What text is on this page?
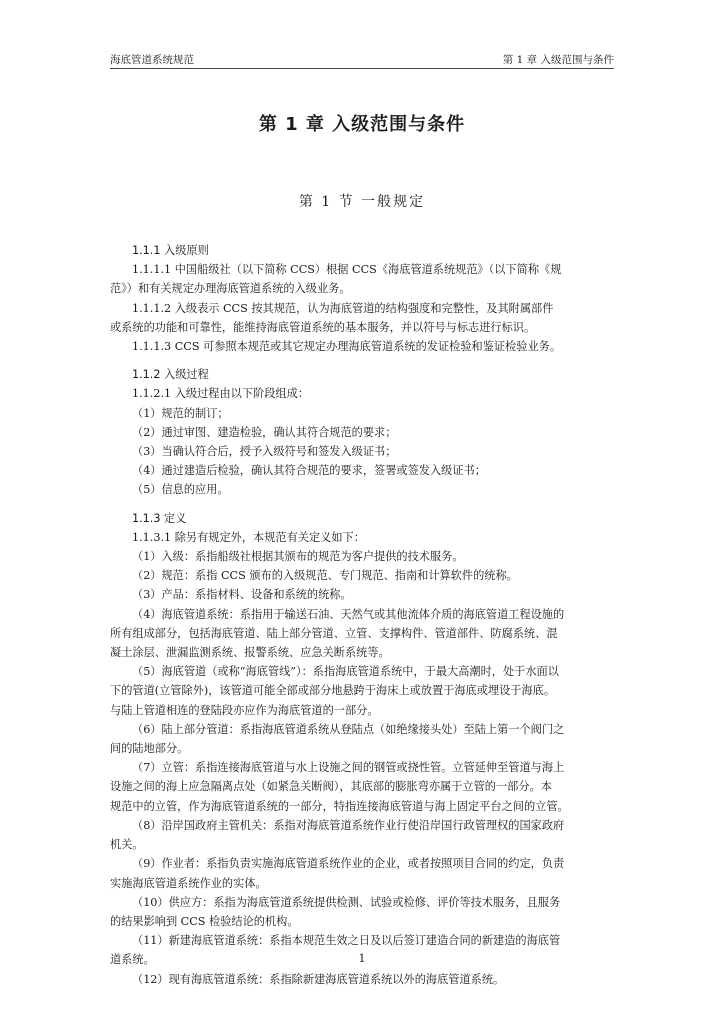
海底管道系统规范	第 1 章 入级范围与条件
第 1 章 入级范围与条件
第 1 节 一般规定
1.1.1 入级原则
1.1.1.1 中国船级社（以下简称 CCS）根据 CCS《海底管道系统规范》（以下简称《规
范》）和有关规定办理海底管道系统的入级业务。
1.1.1.2 入级表示 CCS 按其规范，认为海底管道的结构强度和完整性，及其附属部件
或系统的功能和可靠性，能维持海底管道系统的基本服务，并以符号与标志进行标识。
1.1.1.3 CCS 可参照本规范或其它规定办理海底管道系统的发证检验和鉴证检验业务。
1.1.2 入级过程
1.1.2.1 入级过程由以下阶段组成：
（1）规范的制订；
（2）通过审图、建造检验，确认其符合规范的要求；
（3）当确认符合后，授予入级符号和签发入级证书；
（4）通过建造后检验，确认其符合规范的要求，签署或签发入级证书；
（5）信息的应用。
1.1.3 定义
1.1.3.1 除另有规定外，本规范有关定义如下：
（1）入级：系指船级社根据其颁布的规范为客户提供的技术服务。
（2）规范：系指 CCS 颁布的入级规范、专门规范、指南和计算软件的统称。
（3）产品：系指材料、设备和系统的统称。
（4）海底管道系统：系指用于输送石油、天然气或其他流体介质的海底管道工程设施的
所有组成部分，包括海底管道、陆上部分管道、立管、支撑构件、管道部件、防腐系统、混
凝土涂层、泄漏监测系统、报警系统、应急关断系统等。
（5）海底管道（或称“海底管线”）：系指海底管道系统中，于最大高潮时，处于水面以
下的管道(立管除外)，该管道可能全部或部分地悬跨于海床上或放置于海底或埋设于海底。
与陆上管道相连的登陆段亦应作为海底管道的一部分。
（6）陆上部分管道：系指海底管道系统从登陆点（如绝缘接头处）至陆上第一个阀门之
间的陆地部分。
（7）立管：系指连接海底管道与水上设施之间的钢管或挠性管。立管延伸至管道与海上
设施之间的海上应急隔离点处（如紧急关断阀），其底部的膨胀弯亦属于立管的一部分。本
规范中的立管，作为海底管道系统的一部分，特指连接海底管道与海上固定平台之间的立管。
（8）沿岸国政府主管机关：系指对海底管道系统作业行使沿岸国行政管理权的国家政府
机关。
（9）作业者：系指负责实施海底管道系统作业的企业，或者按照项目合同的约定，负责
实施海底管道系统作业的实体。
（10）供应方：系指为海底管道系统提供检测、试验或检修、评价等技术服务，且服务
的结果影响到 CCS 检验结论的机构。
（11）新建海底管道系统：系指本规范生效之日及以后签订建造合同的新建造的海底管
道系统。
（12）现有海底管道系统：系指除新建海底管道系统以外的海底管道系统。
1
